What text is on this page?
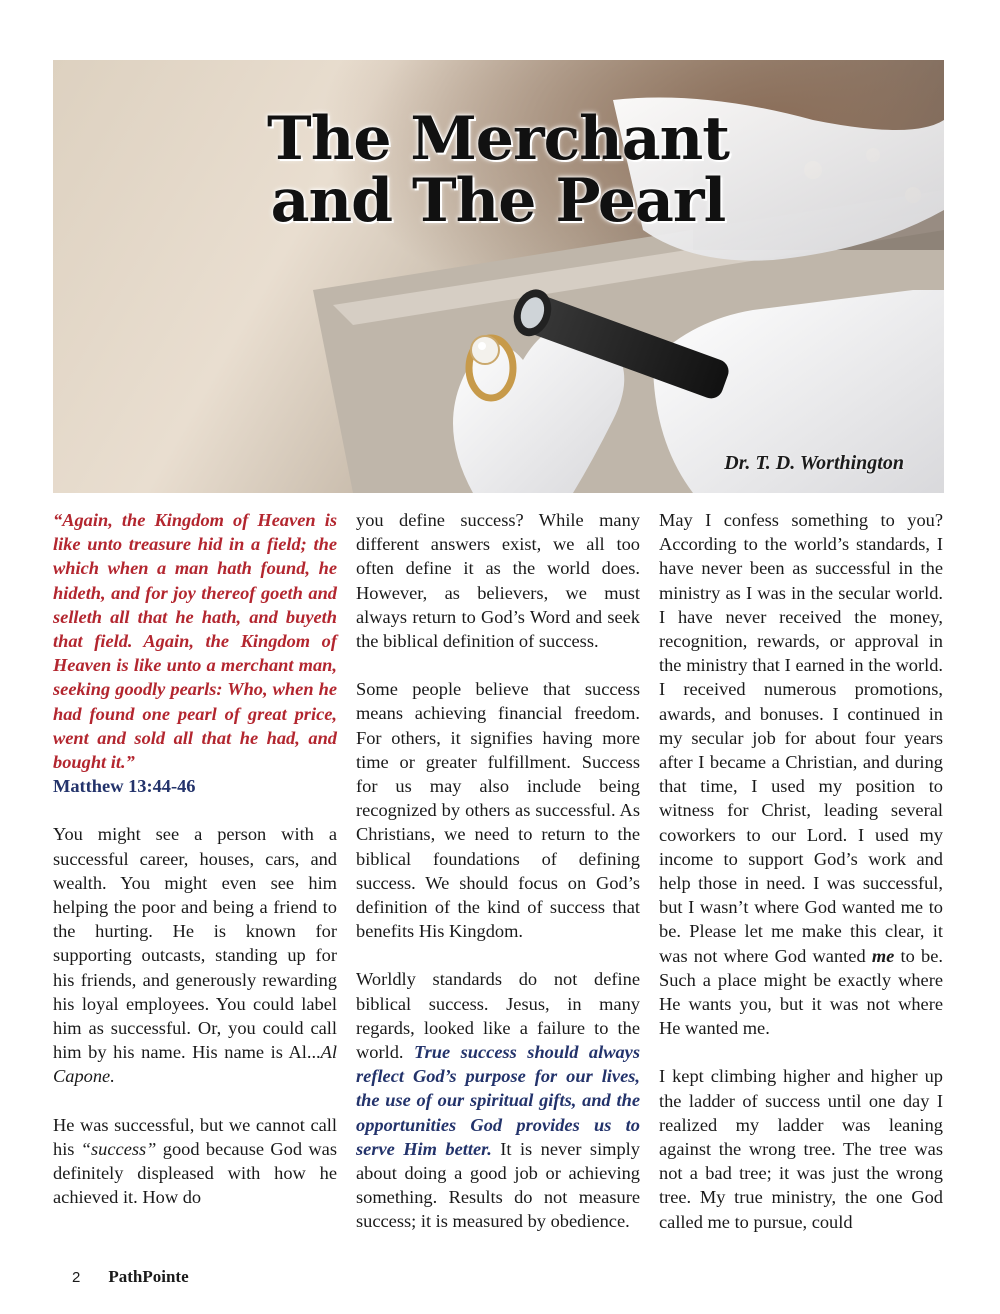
The Merchant
and The Pearl
Dr. T. D. Worthington

“Again, the Kingdom of Heaven is like unto treasure hid in a field; the which when a man hath found, he hideth, and for joy thereof goeth and selleth all that he hath, and buyeth that field. Again, the Kingdom of Heaven is like unto a merchant man, seeking goodly pearls: Who, when he had found one pearl of great price, went and sold all that he had, and bought it.”

Matthew 13:44-46

You might see a person with a successful career, houses, cars, and wealth. You might even see him helping the poor and being a friend to the hurting. He is known for supporting outcasts, standing up for his friends, and generously rewarding his loyal employees. You could label him as successful. Or, you could call him by his name. His name is Al...Al Capone.

He was successful, but we cannot call his “success” good because God was definitely displeased with how he achieved it. How do

you define success? While many different answers exist, we all too often define it as the world does. However, as believers, we must always return to God’s Word and seek the biblical definition of success.

Some people believe that success means achieving financial freedom. For others, it signifies having more time or greater fulfillment. Success for us may also include being recognized by others as successful. As Christians, we need to return to the biblical foundations of defining success. We should focus on God’s definition of the kind of success that benefits His Kingdom.

Worldly standards do not define biblical success. Jesus, in many regards, looked like a failure to the world. True success should always reflect God’s purpose for our lives, the use of our spiritual gifts, and the opportunities God provides us to serve Him better. It is never simply about doing a good job or achieving something. Results do not measure success; it is measured by obedience.

May I confess something to you? According to the world’s standards, I have never been as successful in the ministry as I was in the secular world. I have never received the money, recognition, rewards, or approval in the ministry that I earned in the world. I received numerous promotions, awards, and bonuses. I continued in my secular job for about four years after I became a Christian, and during that time, I used my position to witness for Christ, leading several coworkers to our Lord. I used my income to support God’s work and help those in need. I was successful, but I wasn’t where God wanted me to be. Please let me make this clear, it was not where God wanted me to be. Such a place might be exactly where He wants you, but it was not where He wanted me.

I kept climbing higher and higher up the ladder of success until one day I realized my ladder was leaning against the wrong tree. The tree was not a bad tree; it was just the wrong tree. My true ministry, the one God called me to pursue, could

2 PathPointe
